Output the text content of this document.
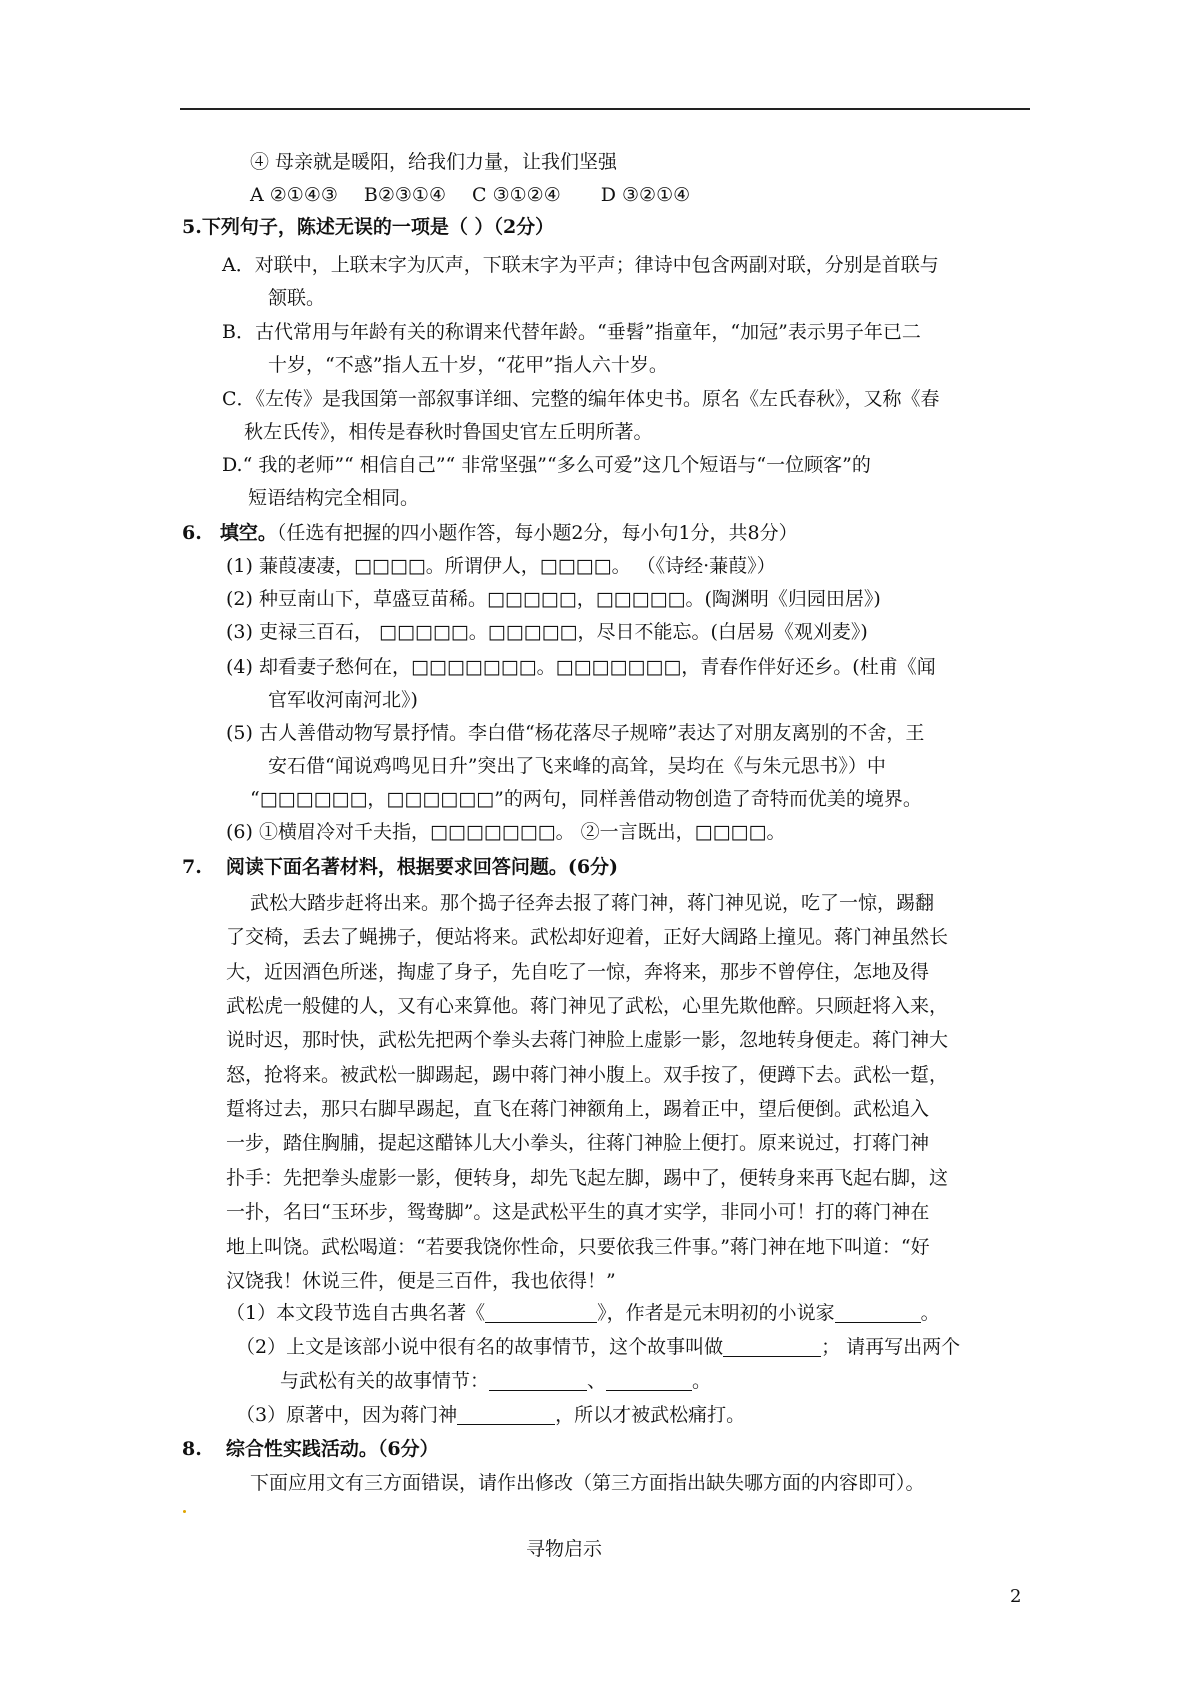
④ 母亲就是暖阳，给我们力量，让我们坚强
A ②①④③ B②③①④ C ③①②④ D ③②①④
5.下列句子，陈述无误的一项是（ ）（2分）
A．对联中，上联末字为仄声，下联末字为平声；律诗中包含两副对联，分别是首联与
颔联。
B．古代常用与年龄有关的称谓来代替年龄。“垂髫”指童年，“加冠”表示男子年已二
十岁，“不惑”指人五十岁，“花甲”指人六十岁。
C．《左传》是我国第一部叙事详细、完整的编年体史书。原名《左氏春秋》，又称《春
秋左氏传》，相传是春秋时鲁国史官左丘明所著。
D.“ 我的老师”“ 相信自己”“ 非常坚强”“多么可爱”这几个短语与“一位顾客”的
短语结构完全相同。
6. 填空。（任选有把握的四小题作答，每小题2分，每小句1分，共8分）
(1) 蒹葭凄凄，□□□□。所谓伊人，□□□□。 （《诗经·蒹葭》）
(2) 种豆南山下，草盛豆苗稀。□□□□□，□□□□□。(陶渊明《归园田居》)
(3) 吏禄三百石， □□□□□。□□□□□，尽日不能忘。(白居易《观刈麦》)
(4) 却看妻子愁何在，□□□□□□□。□□□□□□□，青春作伴好还乡。(杜甫《闻
官军收河南河北》)
(5) 古人善借动物写景抒情。李白借“杨花落尽子规啼”表达了对朋友离别的不舍，王
安石借“闻说鸡鸣见日升”突出了飞来峰的高耸，吴均在《与朱元思书》）中
“□□□□□□，□□□□□□”的两句，同样善借动物创造了奇特而优美的境界。
(6) ①横眉冷对千夫指，□□□□□□□。 ②一言既出，□□□□。
7. 阅读下面名著材料，根据要求回答问题。(6分)
武松大踏步赶将出来。那个捣子径奔去报了蒋门神，蒋门神见说，吃了一惊，踢翻
了交椅，丢去了蝇拂子，便站将来。武松却好迎着，正好大阔路上撞见。蒋门神虽然长
大，近因酒色所迷，掏虚了身子，先自吃了一惊，奔将来，那步不曾停住，怎地及得
武松虎一般健的人，又有心来算他。蒋门神见了武松，心里先欺他醉。只顾赶将入来，
说时迟，那时快，武松先把两个拳头去蒋门神脸上虚影一影，忽地转身便走。蒋门神大
怒，抢将来。被武松一脚踢起，踢中蒋门神小腹上。双手按了，便蹲下去。武松一踅，
踅将过去，那只右脚早踢起，直飞在蒋门神额角上，踢着正中，望后便倒。武松追入
一步，踏住胸脯，提起这醋钵儿大小拳头，往蒋门神脸上便打。原来说过，打蒋门神
扑手：先把拳头虚影一影，便转身，却先飞起左脚，踢中了，便转身来再飞起右脚，这
一扑，名曰“玉环步，鸳鸯脚”。这是武松平生的真才实学，非同小可！打的蒋门神在
地上叫饶。武松喝道：“若要我饶你性命，只要依我三件事。”蒋门神在地下叫道：“好
汉饶我！休说三件，便是三百件，我也依得！”
（1）本文段节选自古典名著《	》，作者是元末明初的小说家	。
（2）上文是该部小说中很有名的故事情节，这个故事叫做	； 请再写出两个
与武松有关的故事情节：	、	。
（3）原著中，因为蒋门神	，所以才被武松痛打。
8. 综合性实践活动。（6分）
下面应用文有三方面错误，请作出修改（第三方面指出缺失哪方面的内容即可）。
寻物启示
2
